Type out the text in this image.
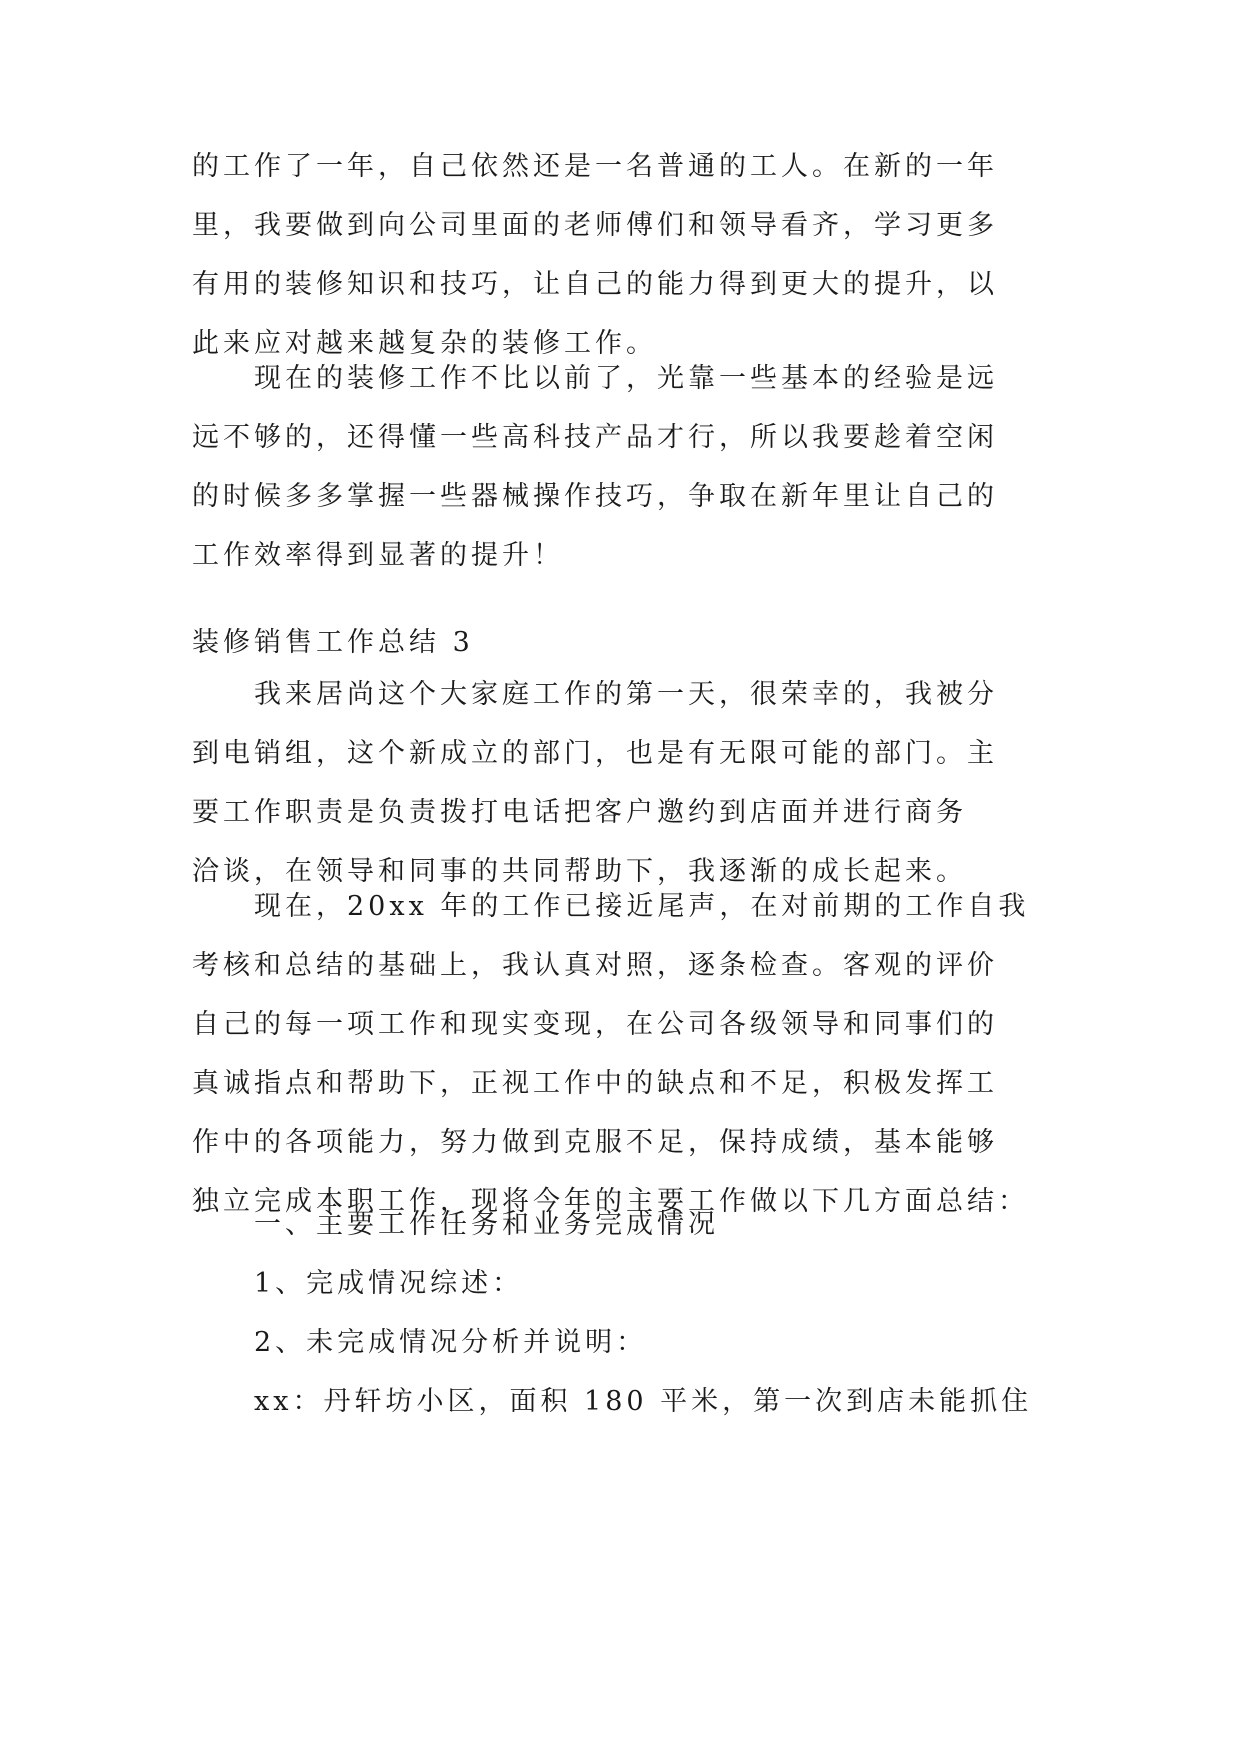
的工作了一年，自己依然还是一名普通的工人。在新的一年
里，我要做到向公司里面的老师傅们和领导看齐，学习更多
有用的装修知识和技巧，让自己的能力得到更大的提升，以
此来应对越来越复杂的装修工作。
现在的装修工作不比以前了，光靠一些基本的经验是远
远不够的，还得懂一些高科技产品才行，所以我要趁着空闲
的时候多多掌握一些器械操作技巧，争取在新年里让自己的
工作效率得到显著的提升！
装修销售工作总结 3
我来居尚这个大家庭工作的第一天，很荣幸的，我被分
到电销组，这个新成立的部门，也是有无限可能的部门。主
要工作职责是负责拨打电话把客户邀约到店面并进行商务
洽谈，在领导和同事的共同帮助下，我逐渐的成长起来。
现在，20xx 年的工作已接近尾声，在对前期的工作自我
考核和总结的基础上，我认真对照，逐条检查。客观的评价
自己的每一项工作和现实变现，在公司各级领导和同事们的
真诚指点和帮助下，正视工作中的缺点和不足，积极发挥工
作中的各项能力，努力做到克服不足，保持成绩，基本能够
独立完成本职工作，现将今年的主要工作做以下几方面总结：
一、主要工作任务和业务完成情况
1、完成情况综述：
2、未完成情况分析并说明：
xx：丹轩坊小区，面积 180 平米，第一次到店未能抓住
